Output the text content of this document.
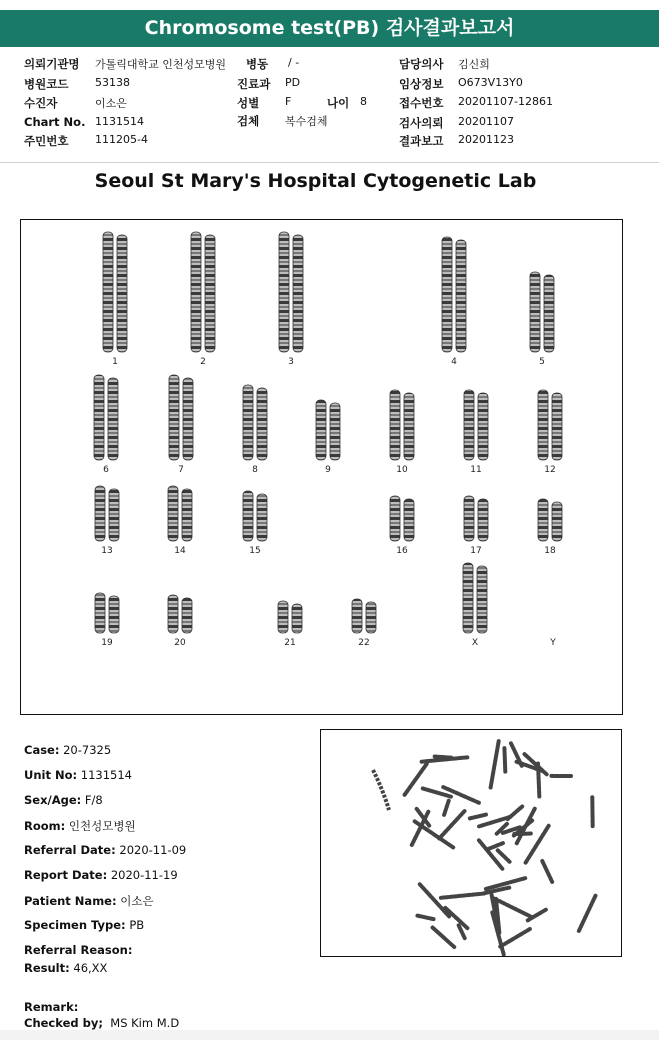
Chromosome test(PB) 검사결과보고서
의뢰기관명 가톨릭대학교 인천성모병원 병동 / -	담당의사 김신희
병원코드 53138	진료과 PD	임상정보 O673V13Y0
수진자	이소은	성별 F	나이 8	접수번호 20201107-12861
Chart No. 1131514	검체 복수검체	검사의뢰 20201107
주민번호 111205-4	결과보고 20201123
Seoul St Mary's Hospital Cytogenetic Lab
1	2	3	4	5
6	7	8	9	10	11	12
13	14	15	16	17	18
19	20	21	22	X	Y
Case: 20-7325
Unit No: 1131514
Sex/Age: F/8
Room: 인천성모병원
Referral Date: 2020-11-09
Report Date: 2020-11-19
Patient Name: 이소은
Specimen Type: PB
Referral Reason:
Result: 46,XX
Remark:
Checked by; MS Kim M.D
